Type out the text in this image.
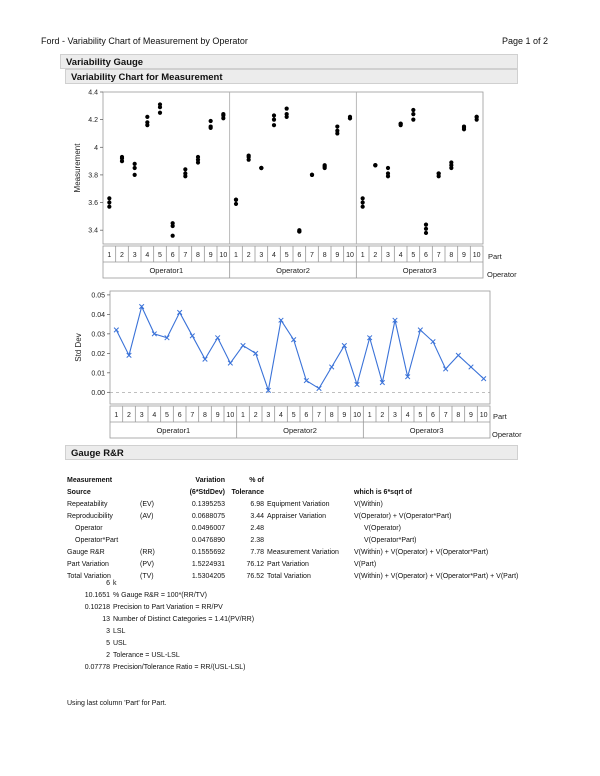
Ford - Variability Chart of Measurement by Operator	Page 1 of 2
Variability Gauge
Variability Chart for Measurement
3.4
3.6
3.8
4
4.2
4.4
Measurement
1 2 3 4 5 6 7 8 9 10
Operator1
1 2 3 4 5 6 7 8 9 10
Operator2
1 2 3 4 5 6 7 8 9 10
Operator3
Part
Operator
0.00
0.01
0.02
0.03
0.04
0.05
Std Dev
1 2 3 4 5 6 7 8 9 10
Operator1
1 2 3 4 5 6 7 8 9 10
Operator2
1 2 3 4 5 6 7 8 9 10
Operator3
Part
Operator
Gauge R&R
Measurement		Variation	% of		
Source		(6*StdDev)	Tolerance		which is 6*sqrt of
Repeatability	(EV)	0.1395253	6.98	Equipment Variation	V(Within)
Reproducibility	(AV)	0.0688075	3.44	Appraiser Variation	V(Operator) + V(Operator*Part)
Operator		0.0496007	2.48		V(Operator)
Operator*Part		0.0476890	2.38		V(Operator*Part)
Gauge R&R	(RR)	0.1555692	7.78	Measurement Variation	V(Within) + V(Operator) + V(Operator*Part)
Part Variation	(PV)	1.5224931	76.12	Part Variation	V(Part)
Total Variation	(TV)	1.5304205	76.52	Total Variation	V(Within) + V(Operator) + V(Operator*Part) + V(Part)
6 k
10.1651 % Gauge R&R = 100*(RR/TV)
0.10218 Precision to Part Variation = RR/PV
13 Number of Distinct Categories = 1.41(PV/RR)
3 LSL
5 USL
2 Tolerance = USL-LSL
0.07778 Precision/Tolerance Ratio = RR/(USL-LSL)
Using last column 'Part' for Part.
